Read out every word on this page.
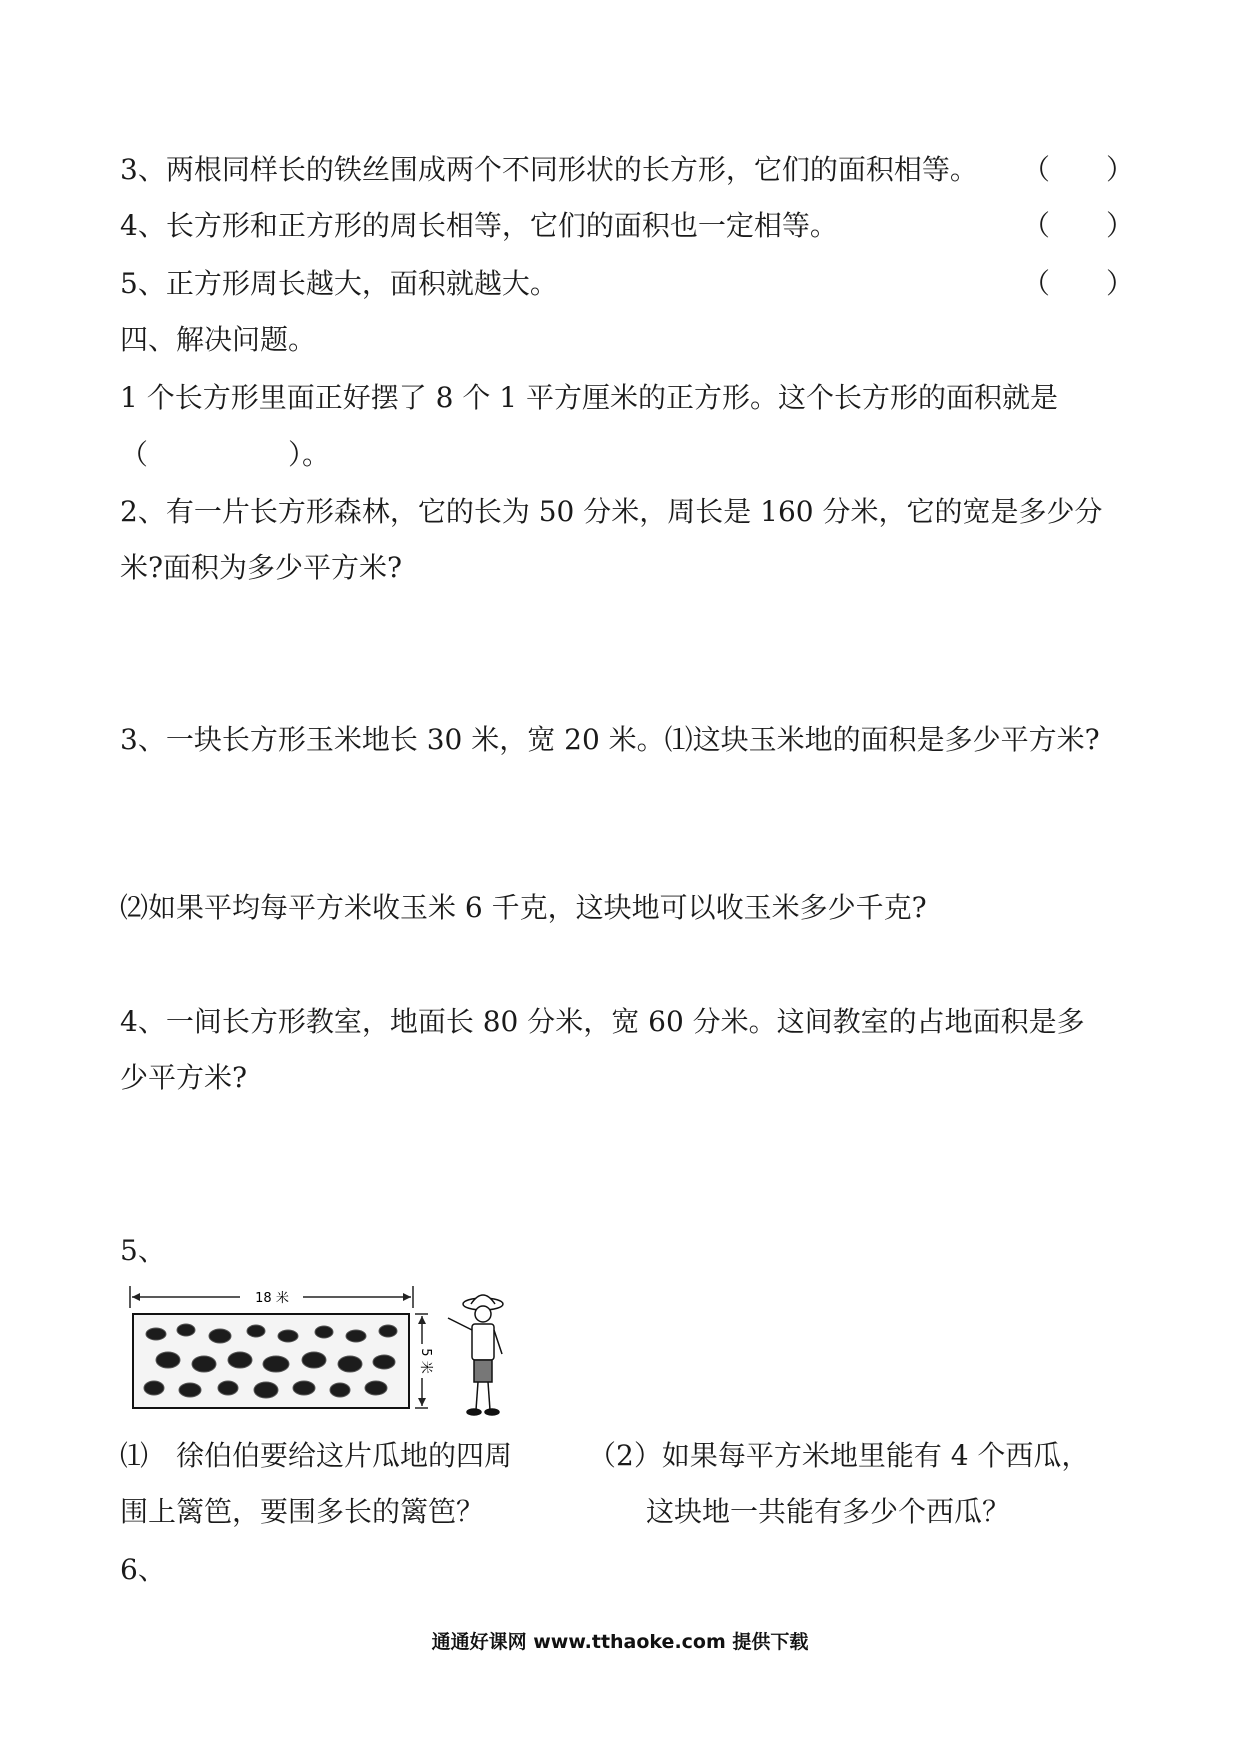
3、两根同样长的铁丝围成两个不同形状的长方形，它们的面积相等。 （　　）
4、长方形和正方形的周长相等，它们的面积也一定相等。	（　　）
5、正方形周长越大，面积就越大。	（　　）
四、解决问题。
1 个长方形里面正好摆了 8 个 1 平方厘米的正方形。这个长方形的面积就是
（　　　　　）。
2、有一片长方形森林，它的长为 50 分米，周长是 160 分米，它的宽是多少分
米?面积为多少平方米?
3、一块长方形玉米地长 30 米，宽 20 米。⑴这块玉米地的面积是多少平方米?
⑵如果平均每平方米收玉米 6 千克，这块地可以收玉米多少千克?
4、一间长方形教室，地面长 80 分米，宽 60 分米。这间教室的占地面积是多
少平方米?
5、
18 米
5 米
⑴　徐伯伯要给这片瓜地的四周
围上篱笆，要围多长的篱笆？
（2）如果每平方米地里能有 4 个西瓜，
这块地一共能有多少个西瓜？
6、
通通好课网 www.tthaoke.com 提供下载
